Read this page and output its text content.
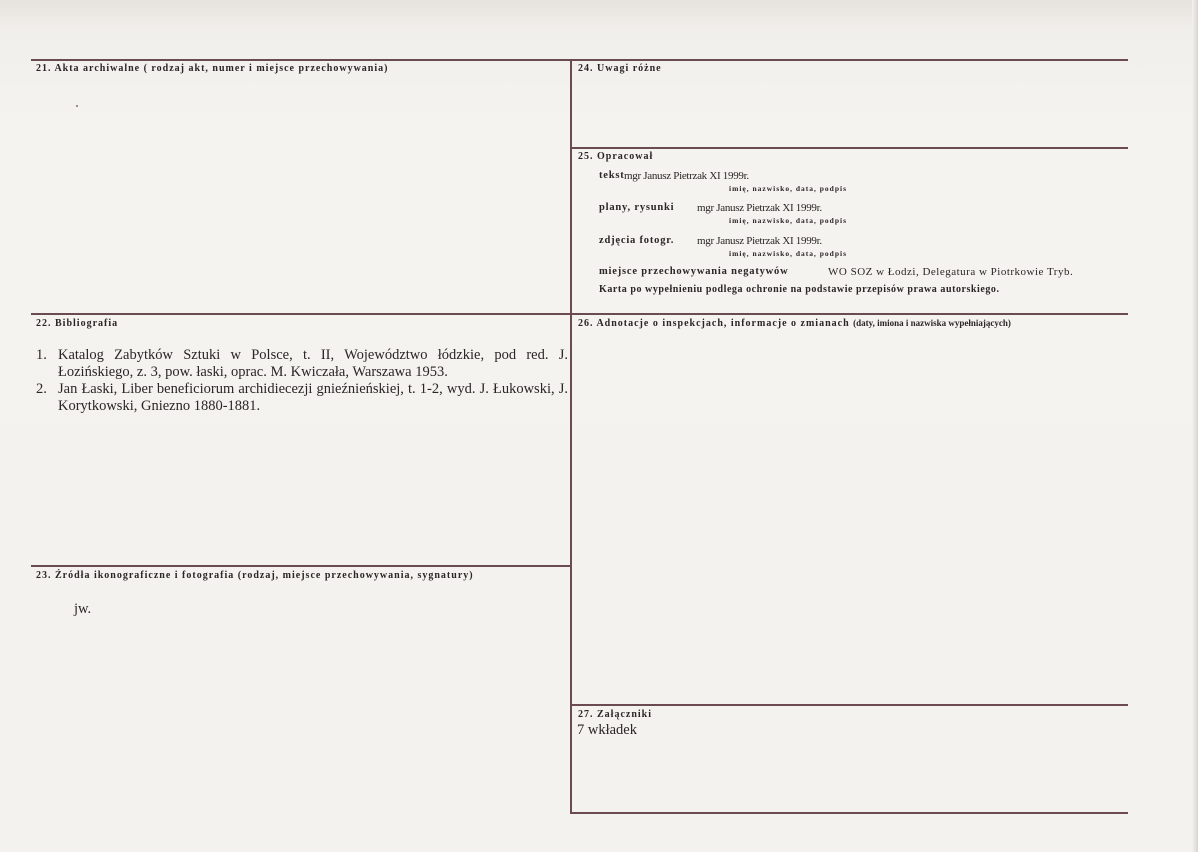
21. Akta archiwalne ( rodzaj akt, numer i miejsce przechowywania)
22. Bibliografia
1. Katalog Zabytków Sztuki w Polsce, t. II, Województwo łódzkie, pod red. J. Łozińskiego, z. 3, pow. łaski, oprac. M. Kwiczała, Warszawa 1953.
2. Jan Łaski, Liber beneficiorum archidiecezji gnieźnieńskiej, t. 1-2, wyd. J. Łukowski, J. Korytkowski, Gniezno 1880-1881.
23. Źródła ikonograficzne i fotografia (rodzaj, miejsce przechowywania, sygnatury)
jw.
24. Uwagi różne
25. Opracował
tekst mgr Janusz Pietrzak XI 1999r.
imię, nazwisko, data, podpis
plany, rysunki mgr Janusz Pietrzak XI 1999r.
imię, nazwisko, data, podpis
zdjęcia fotogr. mgr Janusz Pietrzak XI 1999r.
imię, nazwisko, data, podpis
miejsce przechowywania negatywów	WO SOZ w Łodzi, Delegatura w Piotrkowie Tryb.
Karta po wypełnieniu podlega ochronie na podstawie przepisów prawa autorskiego.
26. Adnotacje o inspekcjach, informacje o zmianach (daty, imiona i nazwiska wypełniających)
27. Załączniki
7 wkładek
